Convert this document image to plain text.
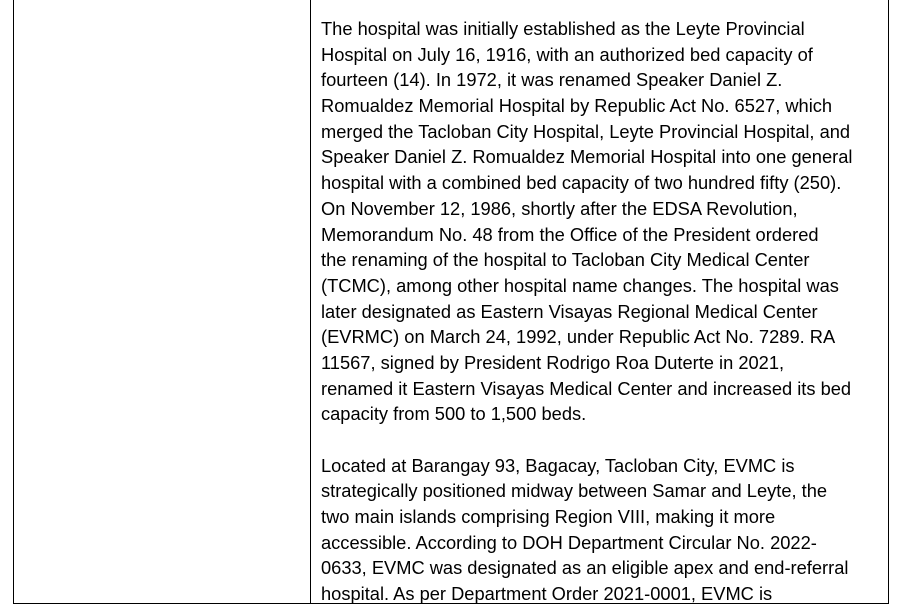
The hospital was initially established as the Leyte Provincial
Hospital on July 16, 1916, with an authorized bed capacity of
fourteen (14). In 1972, it was renamed Speaker Daniel Z.
Romualdez Memorial Hospital by Republic Act No. 6527, which
merged the Tacloban City Hospital, Leyte Provincial Hospital, and
Speaker Daniel Z. Romualdez Memorial Hospital into one general
hospital with a combined bed capacity of two hundred fifty (250).
On November 12, 1986, shortly after the EDSA Revolution,
Memorandum No. 48 from the Office of the President ordered
the renaming of the hospital to Tacloban City Medical Center
(TCMC), among other hospital name changes. The hospital was
later designated as Eastern Visayas Regional Medical Center
(EVRMC) on March 24, 1992, under Republic Act No. 7289. RA
11567, signed by President Rodrigo Roa Duterte in 2021,
renamed it Eastern Visayas Medical Center and increased its bed
capacity from 500 to 1,500 beds.

Located at Barangay 93, Bagacay, Tacloban City, EVMC is
strategically positioned midway between Samar and Leyte, the
two main islands comprising Region VIII, making it more
accessible. According to DOH Department Circular No. 2022-
0633, EVMC was designated as an eligible apex and end-referral
hospital. As per Department Order 2021-0001, EVMC is
